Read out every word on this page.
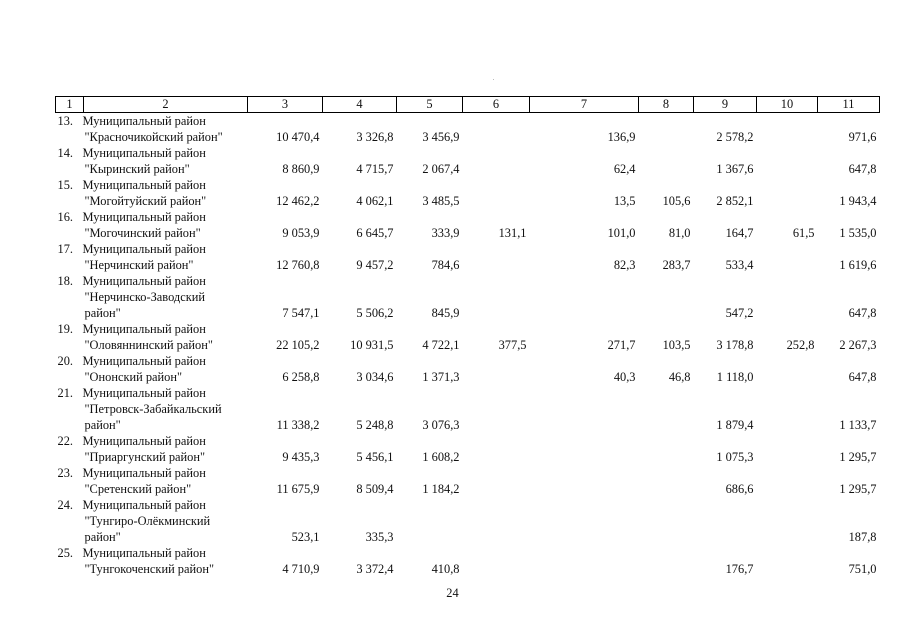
1	2	3	4	5	6	7	8	9	10	11

13. Муниципальный район
"Красночикойский район"		10 470,4	3 326,8	3 456,9		136,9		2 578,2		971,6

14. Муниципальный район
"Кыринский район"		8 860,9	4 715,7	2 067,4		62,4		1 367,6		647,8

15. Муниципальный район
"Могойтуйский район"		12 462,2	4 062,1	3 485,5		13,5	105,6	2 852,1		1 943,4

16. Муниципальный район
"Могочинский район"		9 053,9	6 645,7	333,9	131,1	101,0	81,0	164,7	61,5	1 535,0

17. Муниципальный район
"Нерчинский район"		12 760,8	9 457,2	784,6		82,3	283,7	533,4		1 619,6

18. Муниципальный район
"Нерчинско-Заводский
район"		7 547,1	5 506,2	845,9				547,2		647,8

19. Муниципальный район
"Оловяннинский район"		22 105,2	10 931,5	4 722,1	377,5	271,7	103,5	3 178,8	252,8	2 267,3

20. Муниципальный район
"Ононский район"		6 258,8	3 034,6	1 371,3		40,3	46,8	1 118,0		647,8

21. Муниципальный район
"Петровск-Забайкальский
район"		11 338,2	5 248,8	3 076,3				1 879,4		1 133,7

22. Муниципальный район
"Приаргунский район"		9 435,3	5 456,1	1 608,2				1 075,3		1 295,7

23. Муниципальный район
"Сретенский район"		11 675,9	8 509,4	1 184,2				686,6		1 295,7

24. Муниципальный район
"Тунгиро-Олёкминский
район"		523,1	335,3							187,8

25. Муниципальный район
"Тунгокоченский район"		4 710,9	3 372,4	410,8				176,7		751,0
24
